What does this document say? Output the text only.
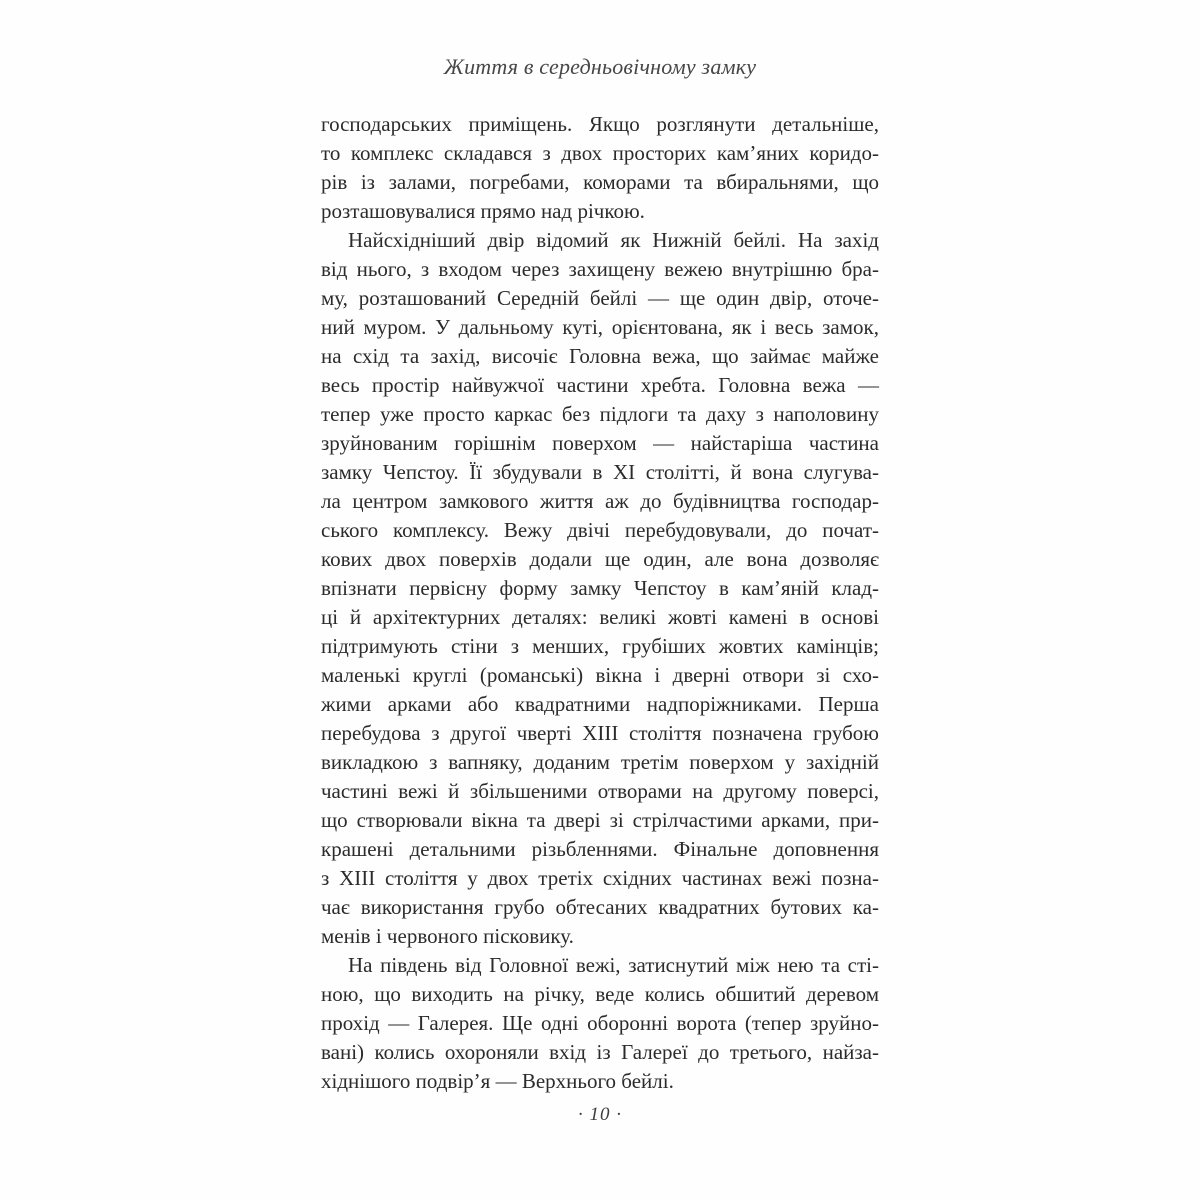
Життя в середньовічному замку
господарських приміщень. Якщо розглянути детальніше,
то комплекс складався з двох просторих кам’яних коридо-
рів із залами, погребами, коморами та вбиральнями, що
розташовувалися прямо над річкою.
Найсхідніший двір відомий як Нижній бейлі. На захід
від нього, з входом через захищену вежею внутрішню бра-
му, розташований Середній бейлі — ще один двір, оточе-
ний муром. У дальньому куті, орієнтована, як і весь замок,
на схід та захід, височіє Головна вежа, що займає майже
весь простір найвужчої частини хребта. Головна вежа —
тепер уже просто каркас без підлоги та даху з наполовину
зруйнованим горішнім поверхом — найстаріша частина
замку Чепстоу. Її збудували в XI столітті, й вона слугува-
ла центром замкового життя аж до будівництва господар-
ського комплексу. Вежу двічі перебудовували, до почат-
кових двох поверхів додали ще один, але вона дозволяє
впізнати первісну форму замку Чепстоу в кам’яній клад-
ці й архітектурних деталях: великі жовті камені в основі
підтримують стіни з менших, грубіших жовтих камінців;
маленькі круглі (романські) вікна і дверні отвори зі схо-
жими арками або квадратними надпоріжниками. Перша
перебудова з другої чверті XIII століття позначена грубою
викладкою з вапняку, доданим третім поверхом у західній
частині вежі й збільшеними отворами на другому поверсі,
що створювали вікна та двері зі стрілчастими арками, при-
крашені детальними різьбленнями. Фінальне доповнення
з XIII століття у двох третіх східних частинах вежі позна-
чає використання грубо обтесаних квадратних бутових ка-
менів і червоного пісковику.
На південь від Головної вежі, затиснутий між нею та сті-
ною, що виходить на річку, веде колись обшитий деревом
прохід — Галерея. Ще одні оборонні ворота (тепер зруйно-
вані) колись охороняли вхід із Галереї до третього, найза-
хіднішого подвір’я — Верхнього бейлі.
· 10 ·
